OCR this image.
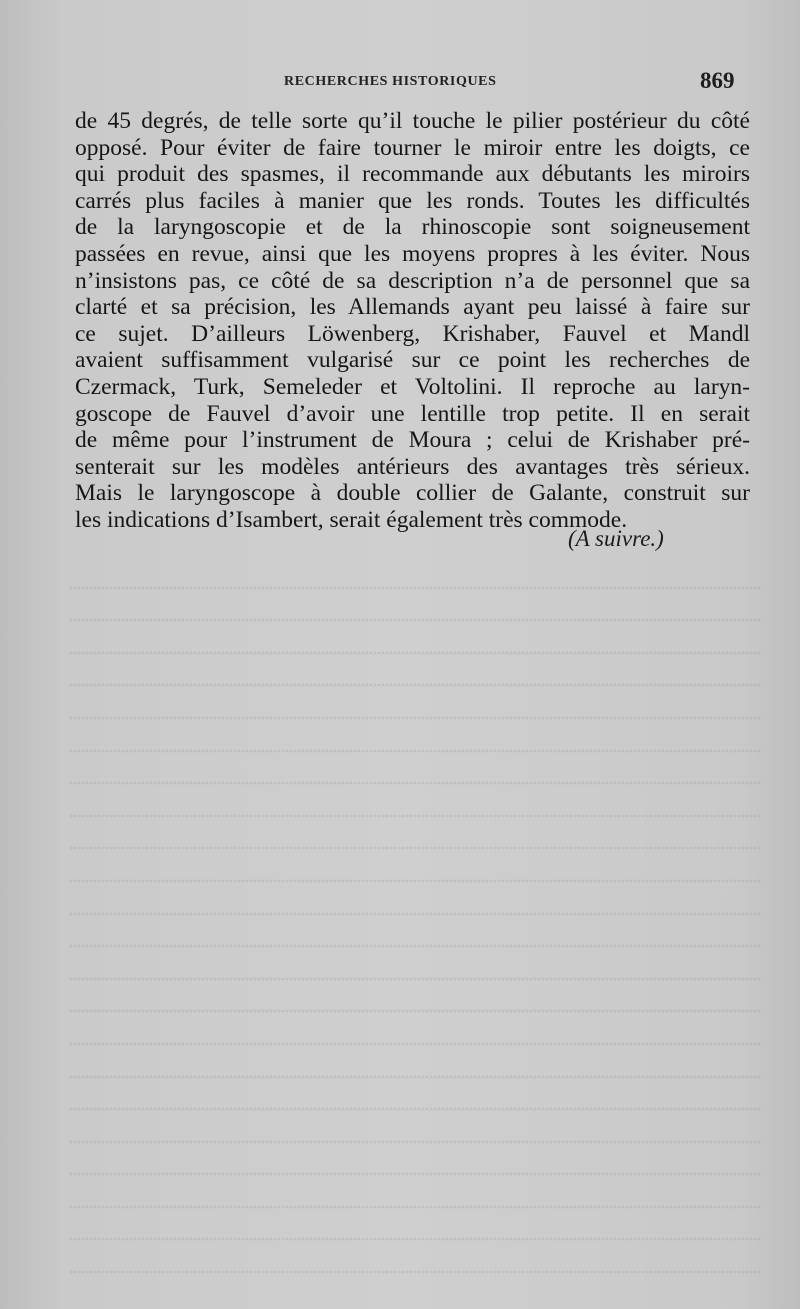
RECHERCHES HISTORIQUES	869
de 45 degrés, de telle sorte qu’il touche le pilier postérieur du côté
opposé. Pour éviter de faire tourner le miroir entre les doigts, ce
qui produit des spasmes, il recommande aux débutants les miroirs
carrés plus faciles à manier que les ronds. Toutes les difficultés
de la laryngoscopie et de la rhinoscopie sont soigneusement
passées en revue, ainsi que les moyens propres à les éviter. Nous
n’insistons pas, ce côté de sa description n’a de personnel que sa
clarté et sa précision, les Allemands ayant peu laissé à faire sur
ce sujet. D’ailleurs Löwenberg, Krishaber, Fauvel et Mandl
avaient suffisamment vulgarisé sur ce point les recherches de
Czermack, Turk, Semeleder et Voltolini. Il reproche au laryn-
goscope de Fauvel d’avoir une lentille trop petite. Il en serait
de même pour l’instrument de Moura ; celui de Krishaber pré-
senterait sur les modèles antérieurs des avantages très sérieux.
Mais le laryngoscope à double collier de Galante, construit sur
les indications d’Isambert, serait également très commode.
(A suivre.)
